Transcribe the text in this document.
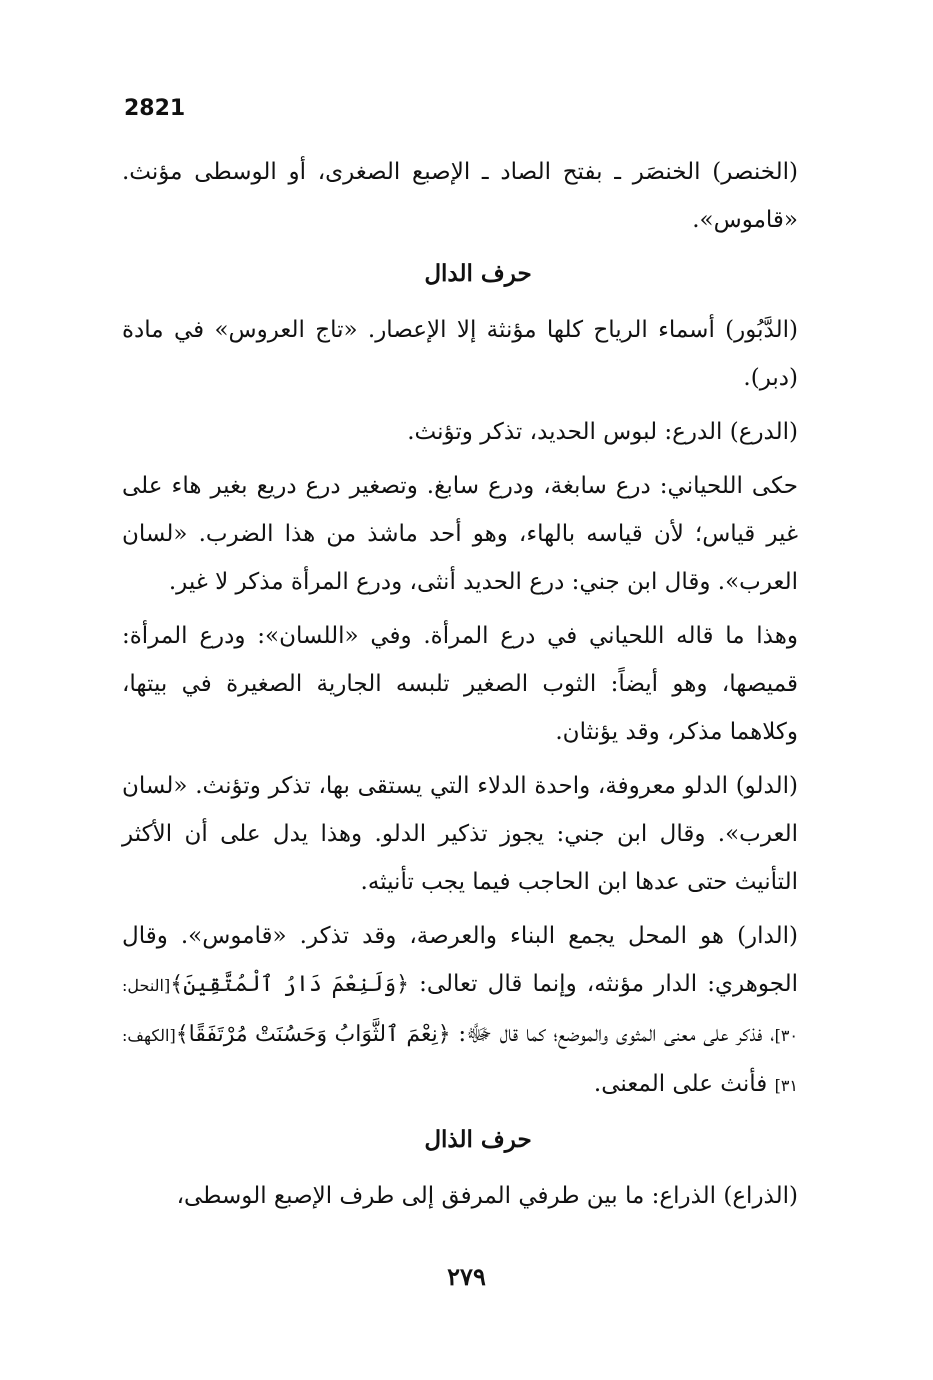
2821

(الخنصر) الخنصَر ـ بفتح الصاد ـ الإصبع الصغرى، أو الوسطى مؤنث. «قاموس».

حرف الدال

(الدَّبُور) أسماء الرياح كلها مؤنثة إلا الإعصار. «تاج العروس» في مادة (دبر).

(الدرع) الدرع: لبوس الحديد، تذكر وتؤنث.

حكى اللحياني: درع سابغة، ودرع سابغ. وتصغير درع دريع بغير هاء على غير قياس؛ لأن قياسه بالهاء، وهو أحد ماشذ من هذا الضرب. «لسان العرب». وقال ابن جني: درع الحديد أنثى، ودرع المرأة مذكر لا غير.

وهذا ما قاله اللحياني في درع المرأة. وفي «اللسان»: ودرع المرأة: قميصها، وهو أيضاً: الثوب الصغير تلبسه الجارية الصغيرة في بيتها، وكلاهما مذكر، وقد يؤنثان.

(الدلو) الدلو معروفة، واحدة الدلاء التي يستقى بها، تذكر وتؤنث. «لسان العرب». وقال ابن جني: يجوز تذكير الدلو. وهذا يدل على أن الأكثر التأنيث حتى عدها ابن الحاجب فيما يجب تأنيثه.

(الدار) هو المحل يجمع البناء والعرصة، وقد تذكر. «قاموس». وقال الجوهري: الدار مؤنثه، وإنما قال تعالى: ﴿وَلَنِعْمَ دَارُ ٱلْمُتَّقِينَ﴾[النحل: ٣٠]، فذكر على معنى المثوى والموضع؛ كما قال ﷻ: ﴿نِعْمَ ٱلثَّوَابُ وَحَسُنَتْ مُرْتَفَقًا﴾[الكهف: ٣١] فأنث على المعنى.

حرف الذال

(الذراع) الذراع: ما بين طرفي المرفق إلى طرف الإصبع الوسطى،

٢٧٩
